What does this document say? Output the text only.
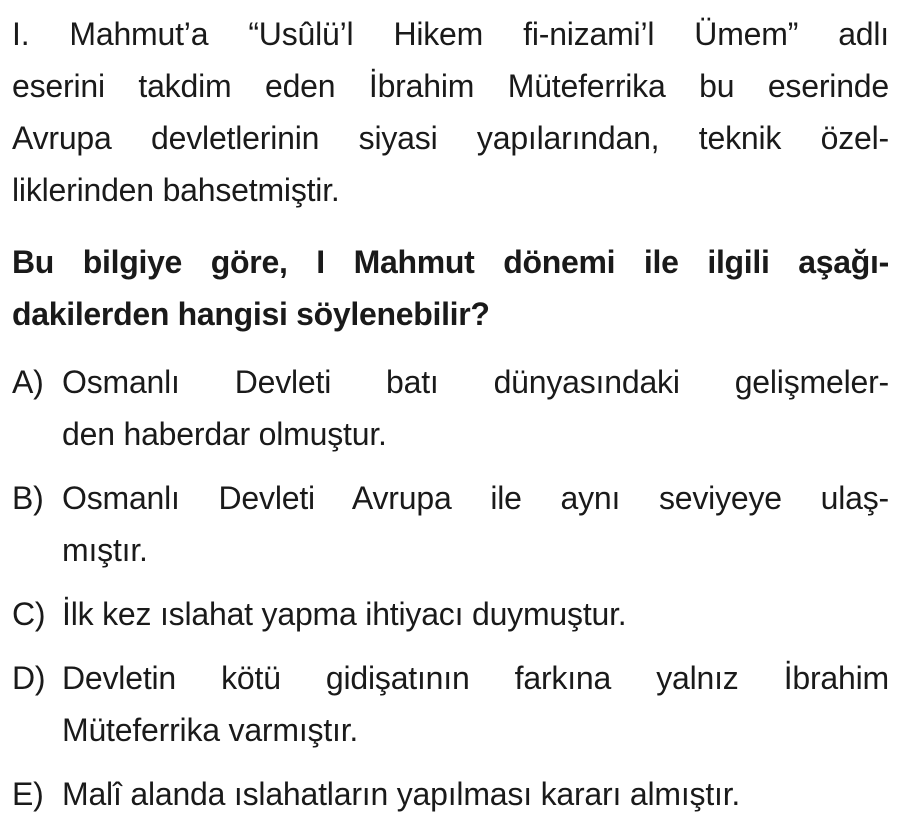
I. Mahmut’a “Usûlü’l Hikem fi-nizami’l Ümem” adlı
eserini takdim eden İbrahim Müteferrika bu eserinde
Avrupa devletlerinin siyasi yapılarından, teknik özel-
liklerinden bahsetmiştir.
Bu bilgiye göre, I Mahmut dönemi ile ilgili aşağı-
dakilerden hangisi söylenebilir?
A) Osmanlı Devleti batı dünyasındaki gelişmeler-
den haberdar olmuştur.
B) Osmanlı Devleti Avrupa ile aynı seviyeye ulaş-
mıştır.
C) İlk kez ıslahat yapma ihtiyacı duymuştur.
D) Devletin kötü gidişatının farkına yalnız İbrahim
Müteferrika varmıştır.
E) Malî alanda ıslahatların yapılması kararı almıştır.
